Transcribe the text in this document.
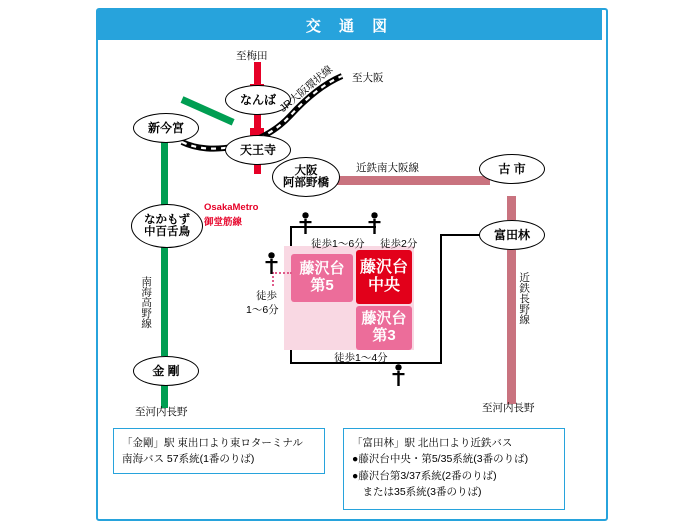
交 通 図
藤沢台
第5
藤沢台
中央
藤沢台
第3
徒歩1〜6分 徒歩2分
徒歩
1〜6分
徒歩1〜4分
なんば
新今宮
天王寺
大阪
阿部野橋
なかもず
中百舌鳥
金 剛
古 市
富田林
至梅田
至大阪
至河内長野	至河内長野
JR大阪環状線
OsakaMetro
御堂筋線
近鉄南大阪線
南海高野線	近鉄長野線
「金剛」駅 東出口より東ロターミナル
南海バス 57系統(1番のりば)
「富田林」駅 北出口より近鉄バス
●藤沢台中央・第5/35系統(3番のりば)
●藤沢台第3/37系統(2番のりば)
　または35系統(3番のりば)
